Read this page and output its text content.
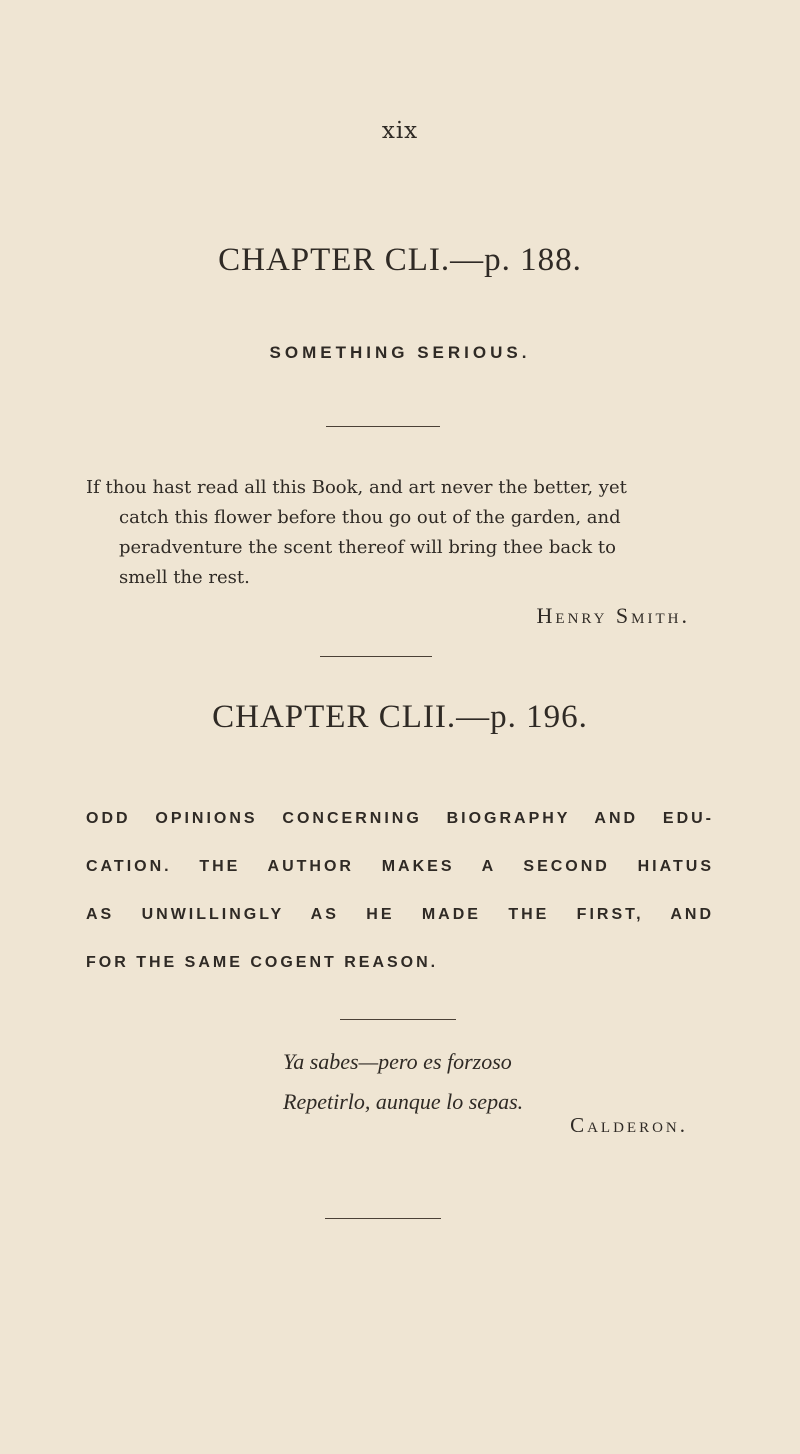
xix
CHAPTER CLI.—p. 188.
SOMETHING SERIOUS.

If thou hast read all this Book, and art never the better, yet
catch this flower before thou go out of the garden, and
peradventure the scent thereof will bring thee back to
smell the rest.

Henry Smith.
CHAPTER CLII.—p. 196.
ODD OPINIONS CONCERNING BIOGRAPHY AND EDU-
CATION. THE AUTHOR MAKES A SECOND HIATUS
AS UNWILLINGLY AS HE MADE THE FIRST, AND
FOR THE SAME COGENT REASON.
Ya sabes—pero es forzoso
Repetirlo, aunque lo sepas.
Calderon.
